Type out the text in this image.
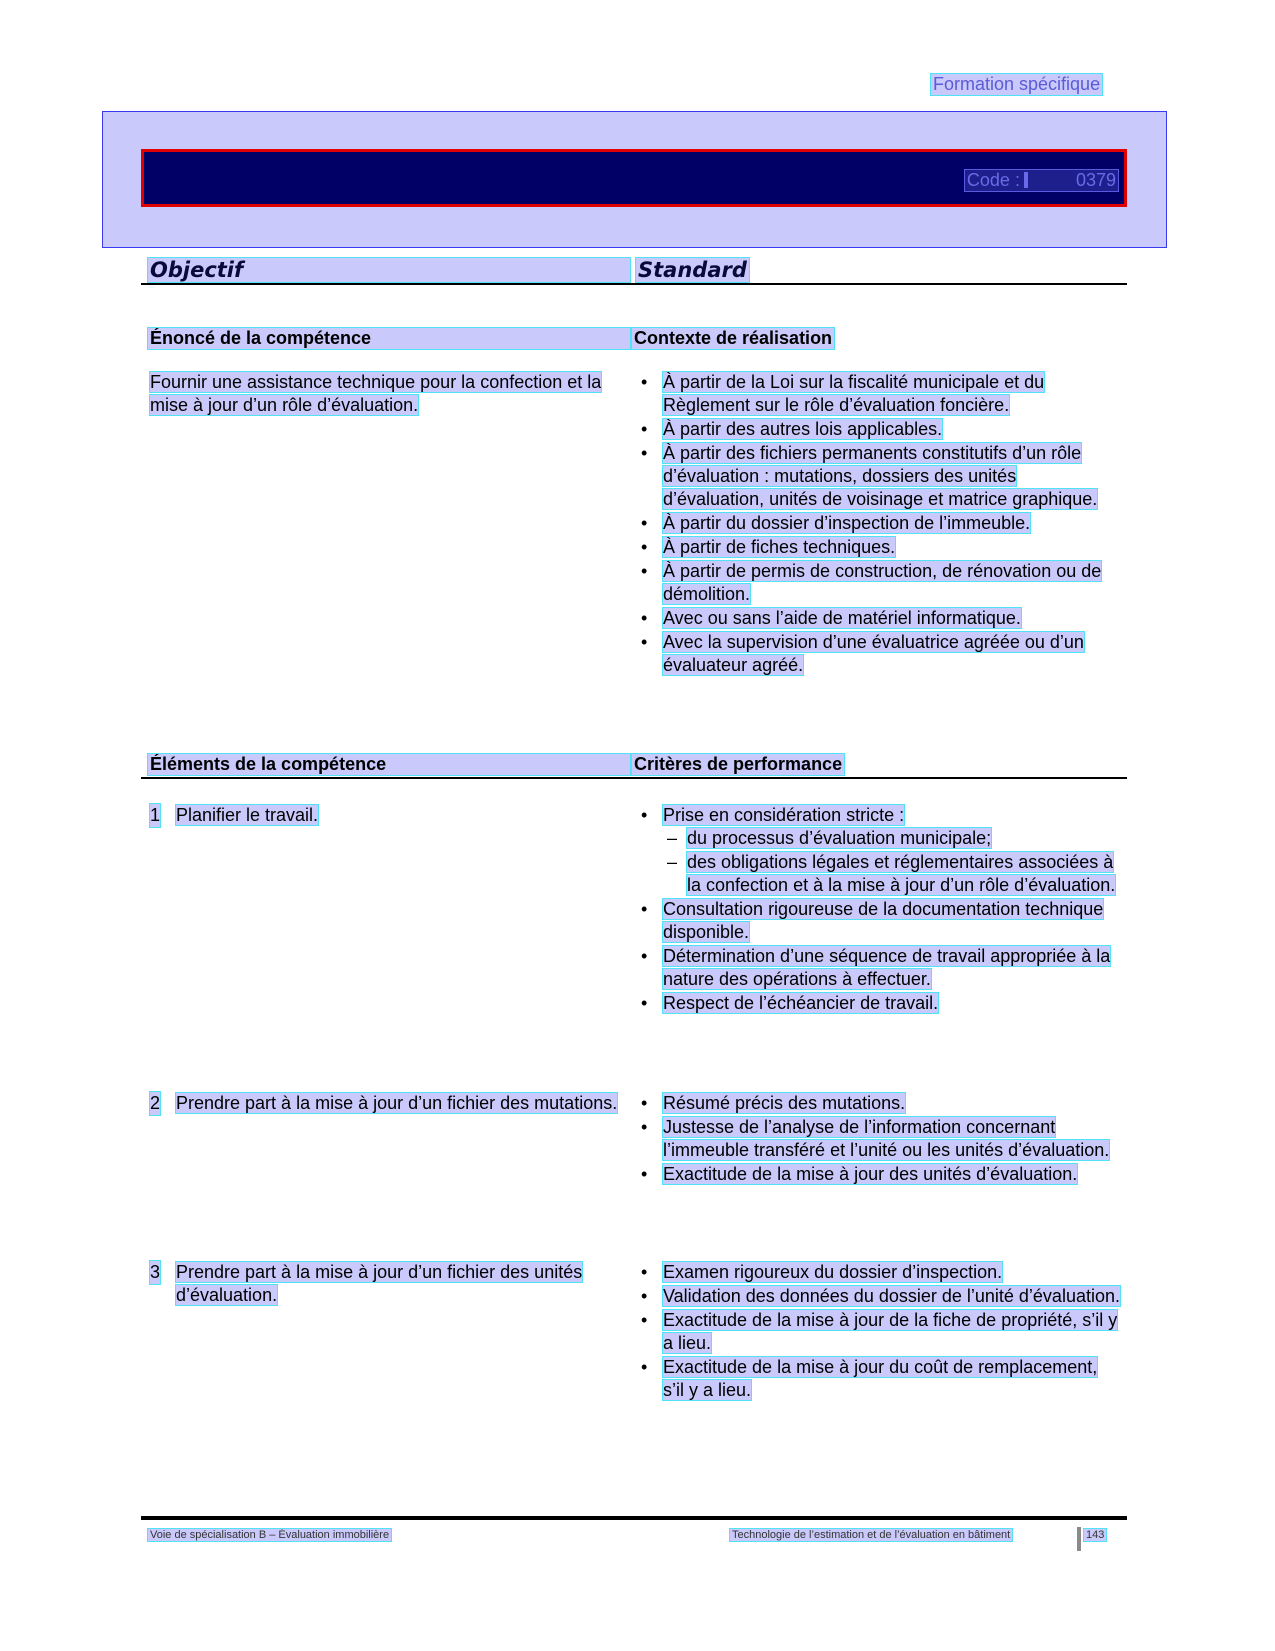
Formation spécifique
Code :	0379
Objectif	Standard
Énoncé de la compétence	Contexte de réalisation
Fournir une assistance technique pour la confection et la mise à jour d’un rôle d’évaluation.
• À partir de la Loi sur la fiscalité municipale et du Règlement sur le rôle d’évaluation foncière.
• À partir des autres lois applicables.
• À partir des fichiers permanents constitutifs d’un rôle d’évaluation : mutations, dossiers des unités d’évaluation, unités de voisinage et matrice graphique.
• À partir du dossier d’inspection de l’immeuble.
• À partir de fiches techniques.
• À partir de permis de construction, de rénovation ou de démolition.
• Avec ou sans l’aide de matériel informatique.
• Avec la supervision d’une évaluatrice agréée ou d’un évaluateur agréé.
Éléments de la compétence	Critères de performance
1 Planifier le travail.	• Prise en considération stricte :
– du processus d’évaluation municipale;
– des obligations légales et réglementaires associées à la confection et à la mise à jour d’un rôle d’évaluation.
• Consultation rigoureuse de la documentation technique disponible.
• Détermination d’une séquence de travail appropriée à la nature des opérations à effectuer.
• Respect de l’échéancier de travail.
2 Prendre part à la mise à jour d’un fichier des mutations.	• Résumé précis des mutations.
• Justesse de l’analyse de l’information concernant l’immeuble transféré et l’unité ou les unités d’évaluation.
• Exactitude de la mise à jour des unités d’évaluation.
3 Prendre part à la mise à jour d’un fichier des unités d’évaluation.
• Examen rigoureux du dossier d’inspection.
• Validation des données du dossier de l’unité d’évaluation.
• Exactitude de la mise à jour de la fiche de propriété, s’il y a lieu.
• Exactitude de la mise à jour du coût de remplacement, s’il y a lieu.
Voie de spécialisation B – Évaluation immobilière	Technologie de l’estimation et de l’évaluation en bâtiment	143
